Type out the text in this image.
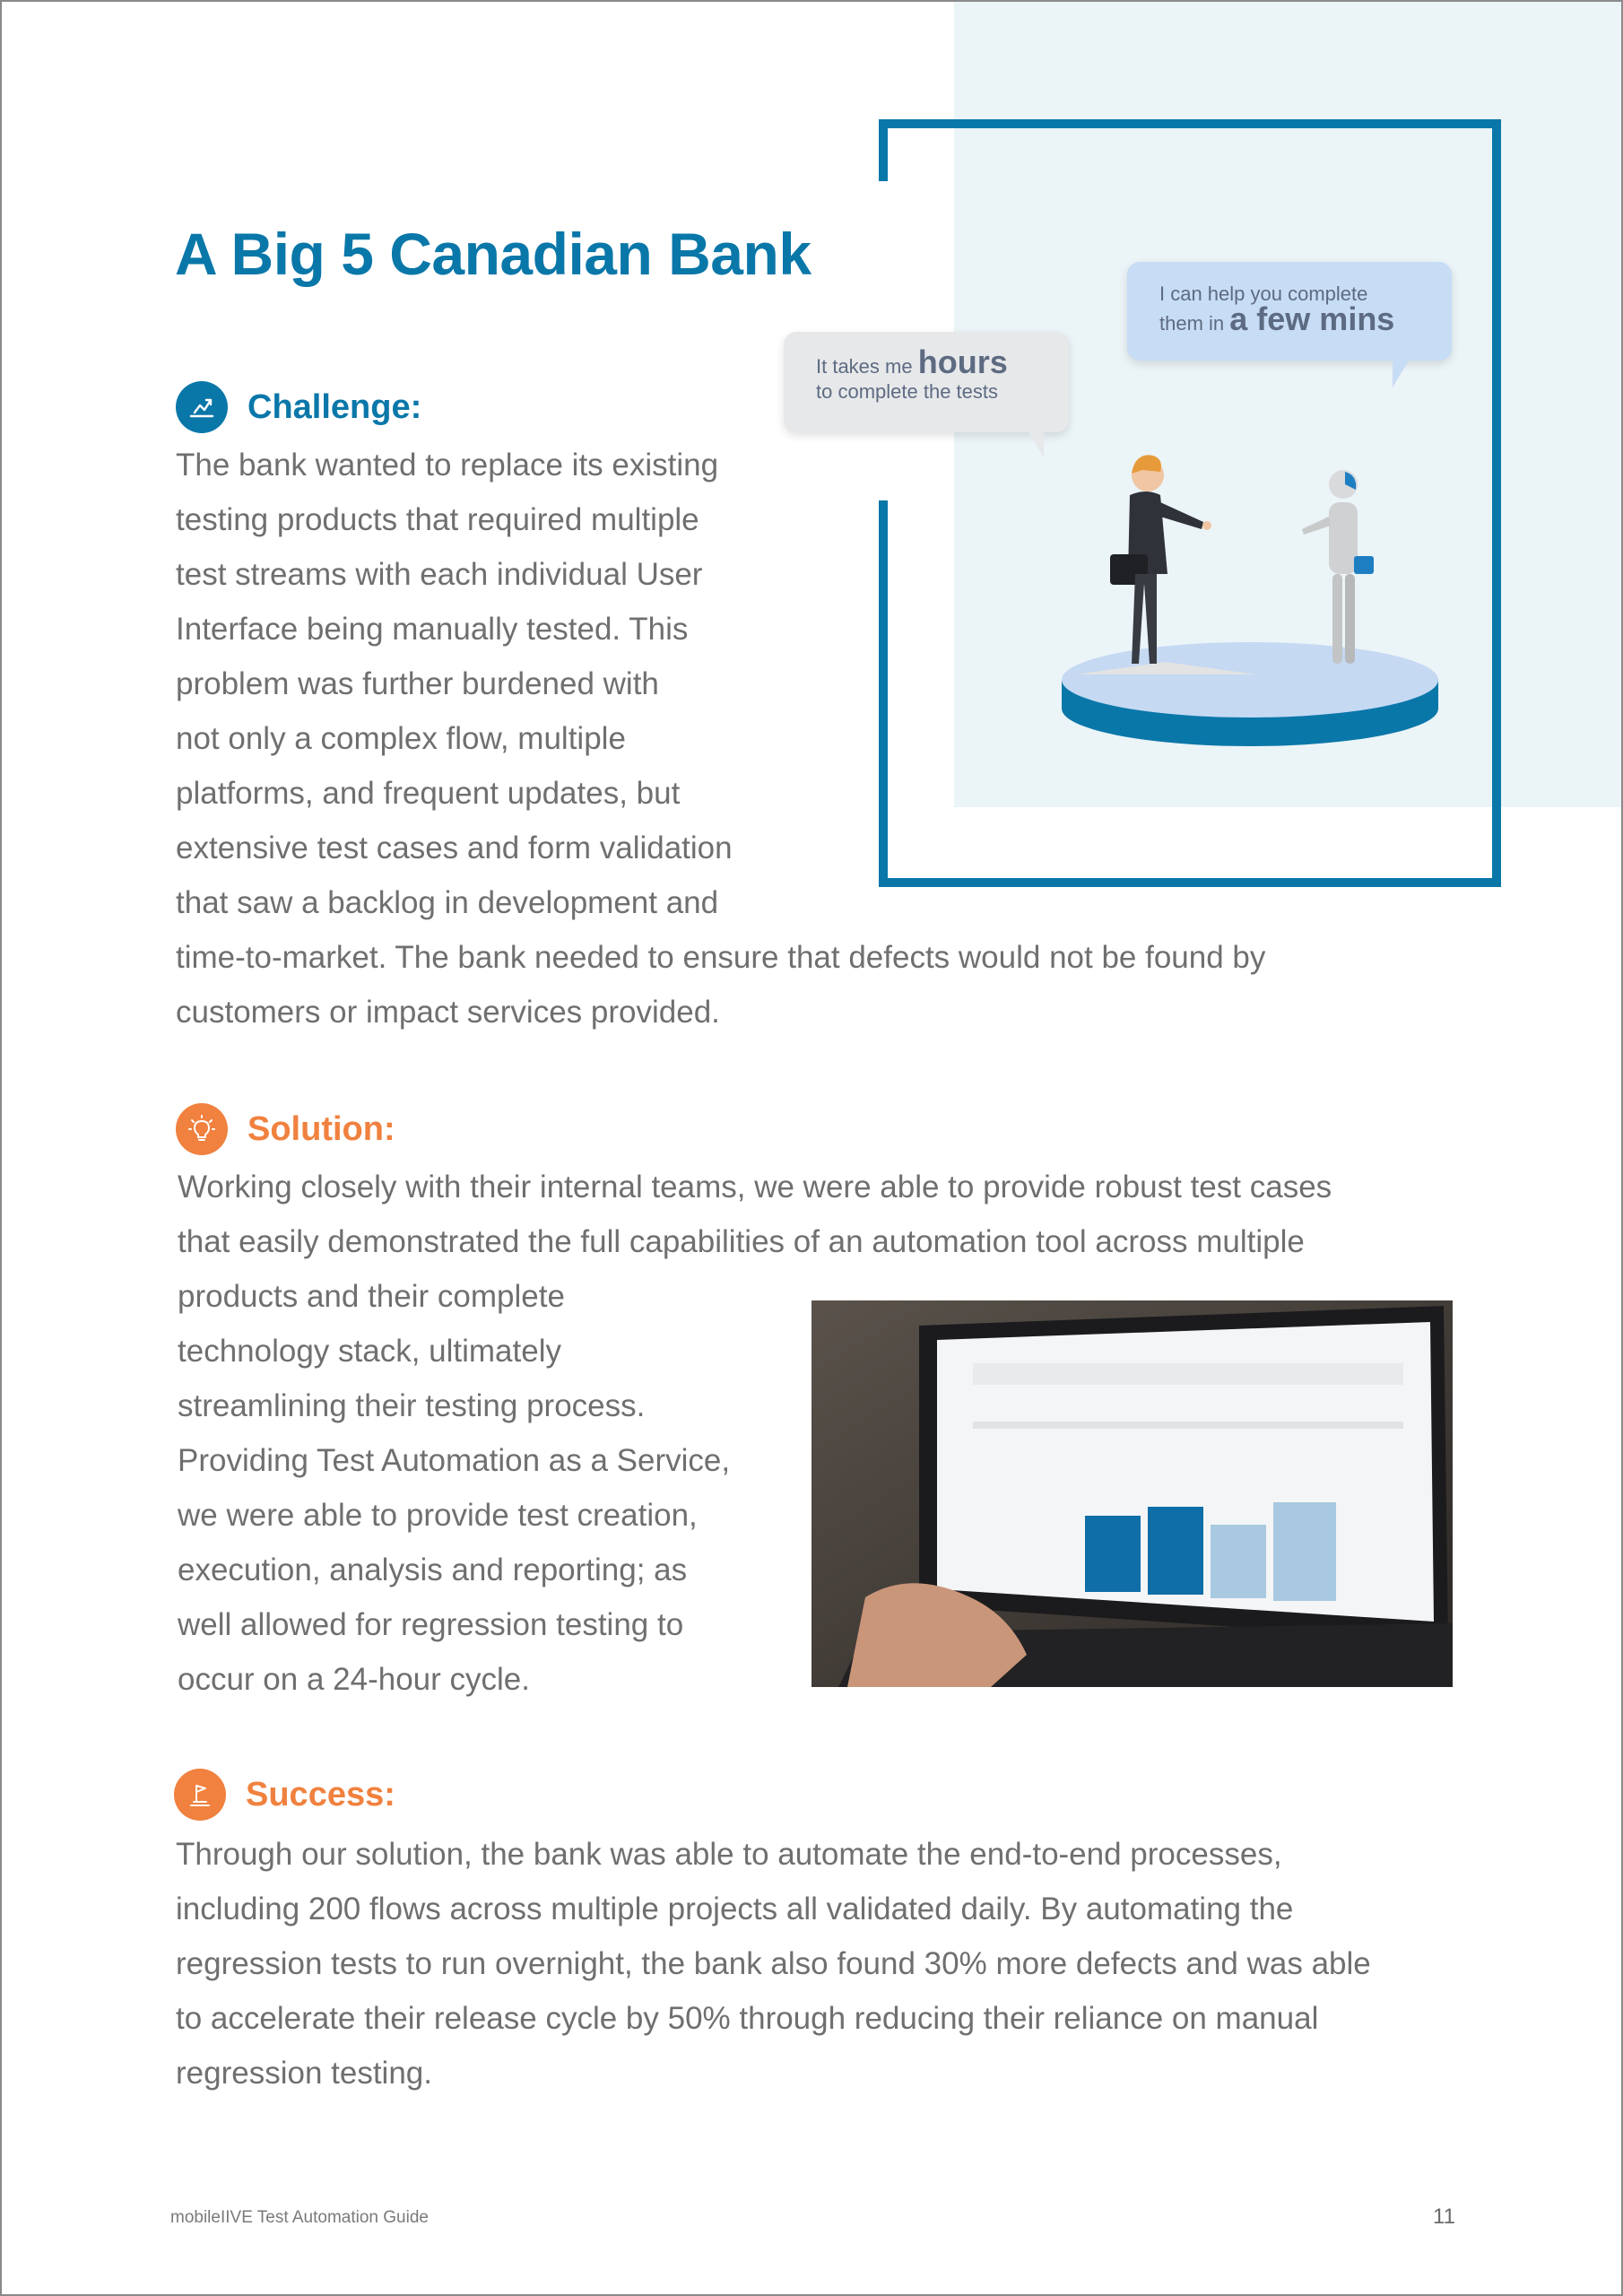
A Big 5 Canadian Bank
It takes me hours
to complete the tests
I can help you complete
them in a few mins
Challenge:
The bank wanted to replace its existing
testing products that required multiple
test streams with each individual User
Interface being manually tested. This
problem was further burdened with
not only a complex flow, multiple
platforms, and frequent updates, but
extensive test cases and form validation
that saw a backlog in development and
time-to-market. The bank needed to ensure that defects would not be found by
customers or impact services provided.
Solution:
Working closely with their internal teams, we were able to provide robust test cases
that easily demonstrated the full capabilities of an automation tool across multiple
products and their complete
technology stack, ultimately
streamlining their testing process.
Providing Test Automation as a Service,
we were able to provide test creation,
execution, analysis and reporting; as
well allowed for regression testing to
occur on a 24-hour cycle.
Success:
Through our solution, the bank was able to automate the end-to-end processes,
including 200 flows across multiple projects all validated daily. By automating the
regression tests to run overnight, the bank also found 30% more defects and was able
to accelerate their release cycle by 50% through reducing their reliance on manual
regression testing.
mobileIIVE Test Automation Guide	11
